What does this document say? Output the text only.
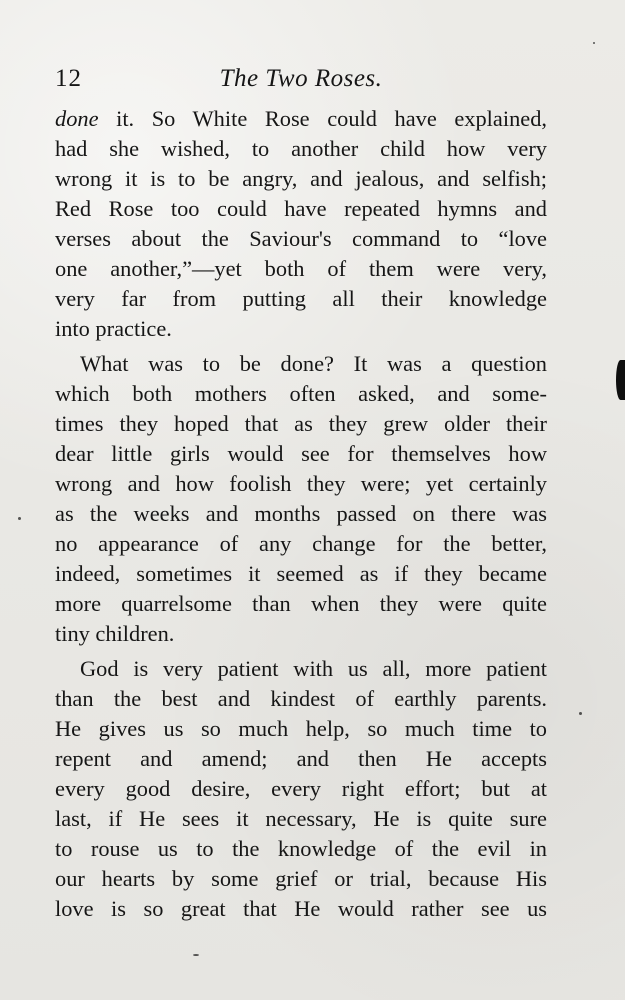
12	The Two Roses.
done it. So White Rose could have explained,
had she wished, to another child how very
wrong it is to be angry, and jealous, and selfish;
Red Rose too could have repeated hymns and
verses about the Saviour's command to “love
one another,”—yet both of them were very,
very far from putting all their knowledge
into practice.
What was to be done? It was a question
which both mothers often asked, and some-
times they hoped that as they grew older their
dear little girls would see for themselves how
wrong and how foolish they were; yet certainly
as the weeks and months passed on there was
no appearance of any change for the better,
indeed, sometimes it seemed as if they became
more quarrelsome than when they were quite
tiny children.
God is very patient with us all, more patient
than the best and kindest of earthly parents.
He gives us so much help, so much time to
repent and amend; and then He accepts
every good desire, every right effort; but at
last, if He sees it necessary, He is quite sure
to rouse us to the knowledge of the evil in
our hearts by some grief or trial, because His
love is so great that He would rather see us
